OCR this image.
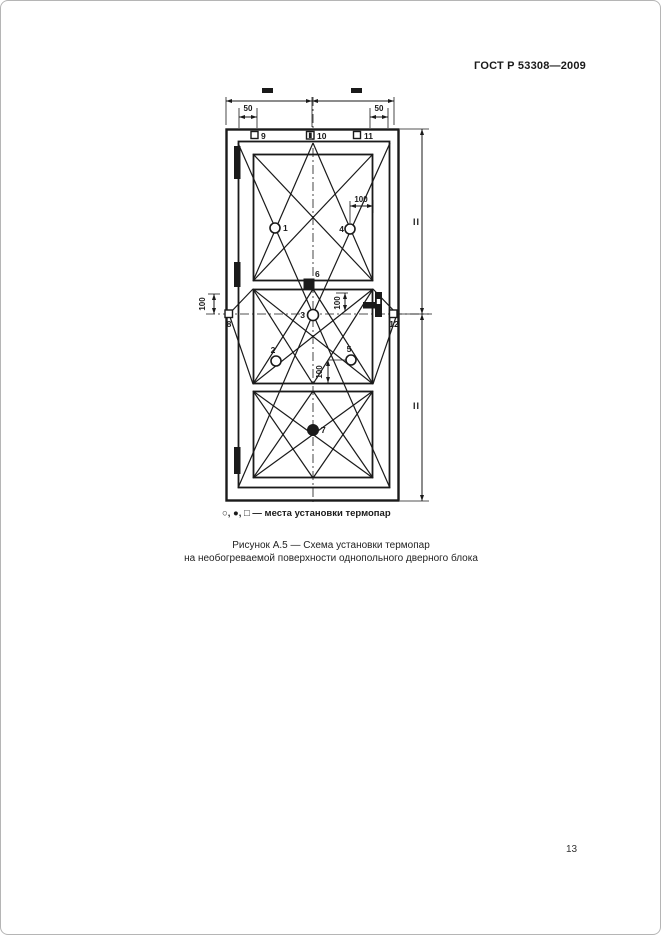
ГОСТ Р 53308—2009
50	50
100
100
100
100
II
II
1	4
2	5
3
6
7
8	12
9	10	11
○, ●, □ — места установки термопар
Рисунок А.5 — Схема установки термопар
на необогреваемой поверхности однопольного дверного блока
13
